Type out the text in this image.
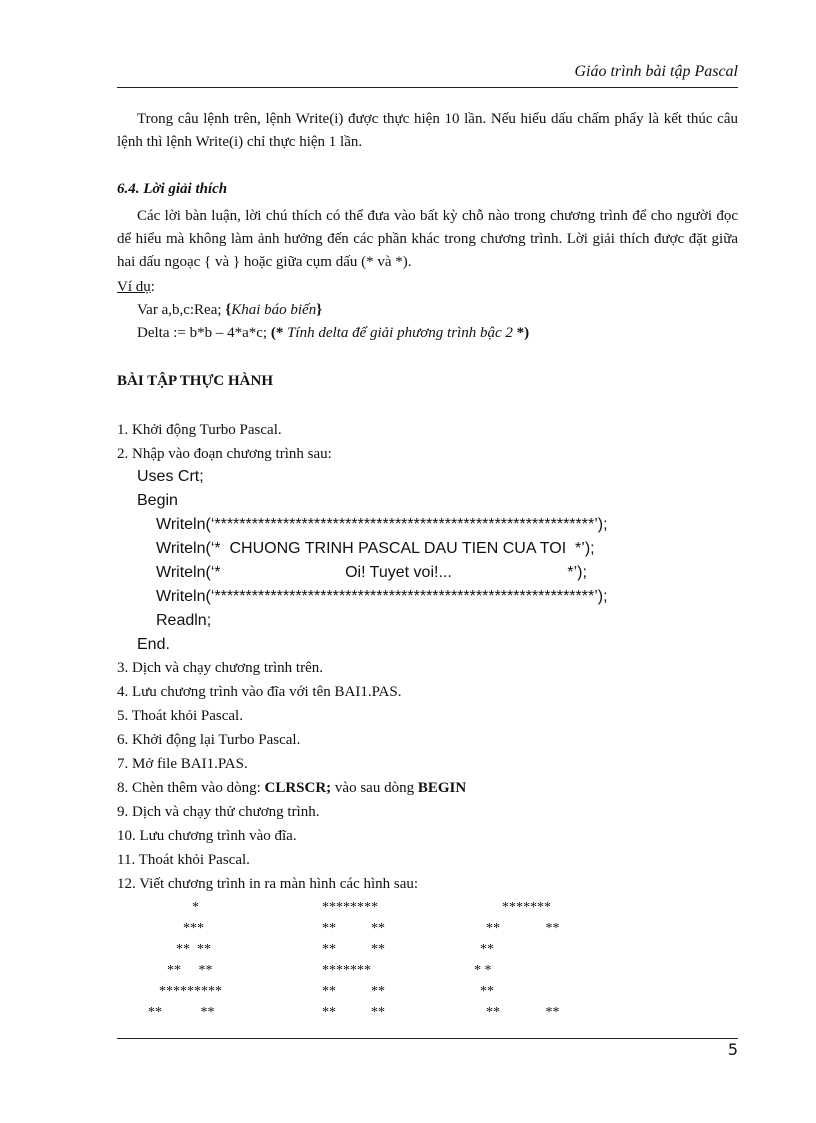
Giáo trình bài tập Pascal
Trong câu lệnh trên, lệnh Write(i) được thực hiện 10 lần. Nếu hiểu dấu chấm phẩy là kết thúc câu lệnh thì lệnh Write(i) chỉ thực hiện 1 lần.
6.4. Lời giải thích
Các lời bàn luận, lời chú thích có thể đưa vào bất kỳ chỗ nào trong chương trình để cho người đọc dể hiểu mà không làm ảnh hưởng đến các phần khác trong chương trình. Lời giải thích được đặt giữa hai dấu ngoạc { và } hoặc giữa cụm dấu (* và *).
Ví dụ:
Var a,b,c:Rea; {Khai báo biến}
Delta := b*b – 4*a*c; (* Tính delta để giải phương trình bậc 2 *)
BÀI TẬP THỰC HÀNH
1. Khởi động Turbo Pascal.
2. Nhập vào đoạn chương trình sau:
Uses Crt;
Begin
Writeln(‘*************************************************************’);
Writeln(‘*  CHUONG TRINH PASCAL DAU TIEN CUA TOI  *’);
Writeln(‘*                            Oi! Tuyet voi!...                          *’);
Writeln(‘*************************************************************’);
Readln;
End.
3. Dịch và chạy chương trình trên.
4. Lưu chương trình vào đĩa với tên BAI1.PAS.
5. Thoát khỏi Pascal.
6. Khởi động lại Turbo Pascal.
7. Mở file BAI1.PAS.
8. Chèn thêm vào dòng: CLRSCR; vào sau dòng BEGIN
9. Dịch và chạy thử chương trình.
10. Lưu chương trình vào đĩa.
11. Thoát khỏi Pascal.
12. Viết chương trình in ra màn hình các hình sau:
*
***
**  **
**     **
*********
**           **
********
**          **
**          **
*******
**          **
**          **
*******
**             **
**
* *
**
**             **
5
